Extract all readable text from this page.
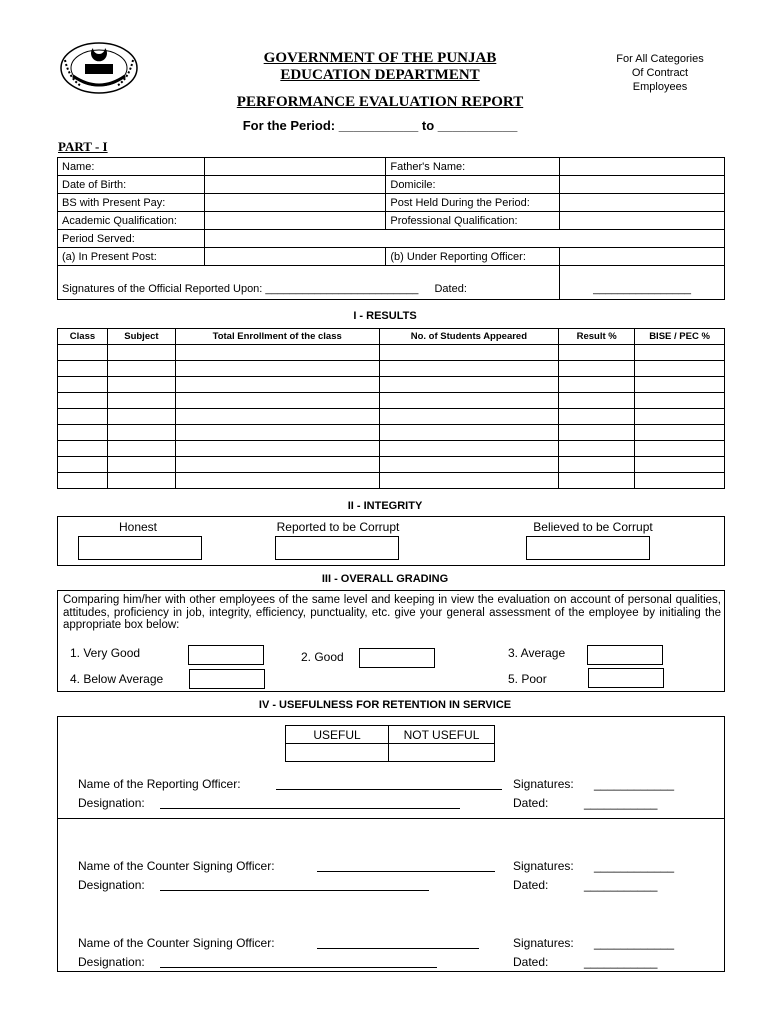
GOVERNMENT OF THE PUNJAB
EDUCATION DEPARTMENT
For All Categories
Of Contract
Employees
PERFORMANCE EVALUATION REPORT
For the Period: ___________ to ___________
PART - I
Name:		Father's Name:	
Date of Birth:		Domicile:	
BS with Present Pay:		Post Held During the Period:	
Academic Qualification:		Professional Qualification:	
Period Served:			
(a) In Present Post:		(b) Under Reporting Officer:	
Signatures of the Official Reported Upon: _________________________ Dated:			________________
I - RESULTS
Class	Subject	Total Enrollment of the class	No. of Students Appeared	Result %	BISE / PEC %

II - INTEGRITY
Honest	Reported to be Corrupt	Believed to be Corrupt
III - OVERALL GRADING
Comparing him/her with other employees of the same level and keeping in view the evaluation on account of personal qualities, attitudes, proficiency in job, integrity, efficiency, punctuality, etc. give your general assessment of the employee by initialing the appropriate box below:
1. Very Good	2. Good	3. Average
4. Below Average	5. Poor
IV - USEFULNESS FOR RETENTION IN SERVICE
USEFUL	NOT USEFUL

Name of the Reporting Officer:	Signatures: ____________
Designation:	Dated:	___________
Name of the Counter Signing Officer:	Signatures: ____________
Designation:	Dated:	___________
Name of the Counter Signing Officer:	Signatures: ____________
Designation:	Dated:	___________
